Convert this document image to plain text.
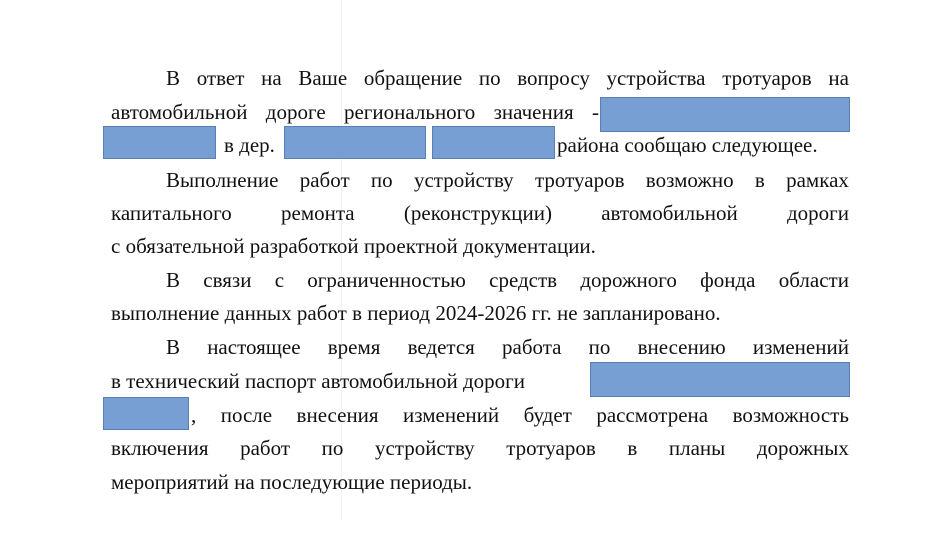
В ответ на Ваше обращение по вопросу устройства тротуаров на
автомобильной дороге регионального значения -
в дер.	района сообщаю следующее.
Выполнение работ по устройству тротуаров возможно в рамках
капитального ремонта (реконструкции) автомобильной дороги
с обязательной разработкой проектной документации.
В связи с ограниченностью средств дорожного фонда области
выполнение данных работ в период 2024-2026 гг. не запланировано.
В настоящее время ведется работа по внесению изменений
в технический паспорт автомобильной дороги
, после внесения изменений будет рассмотрена возможность
включения работ по устройству тротуаров в планы дорожных
мероприятий на последующие периоды.
